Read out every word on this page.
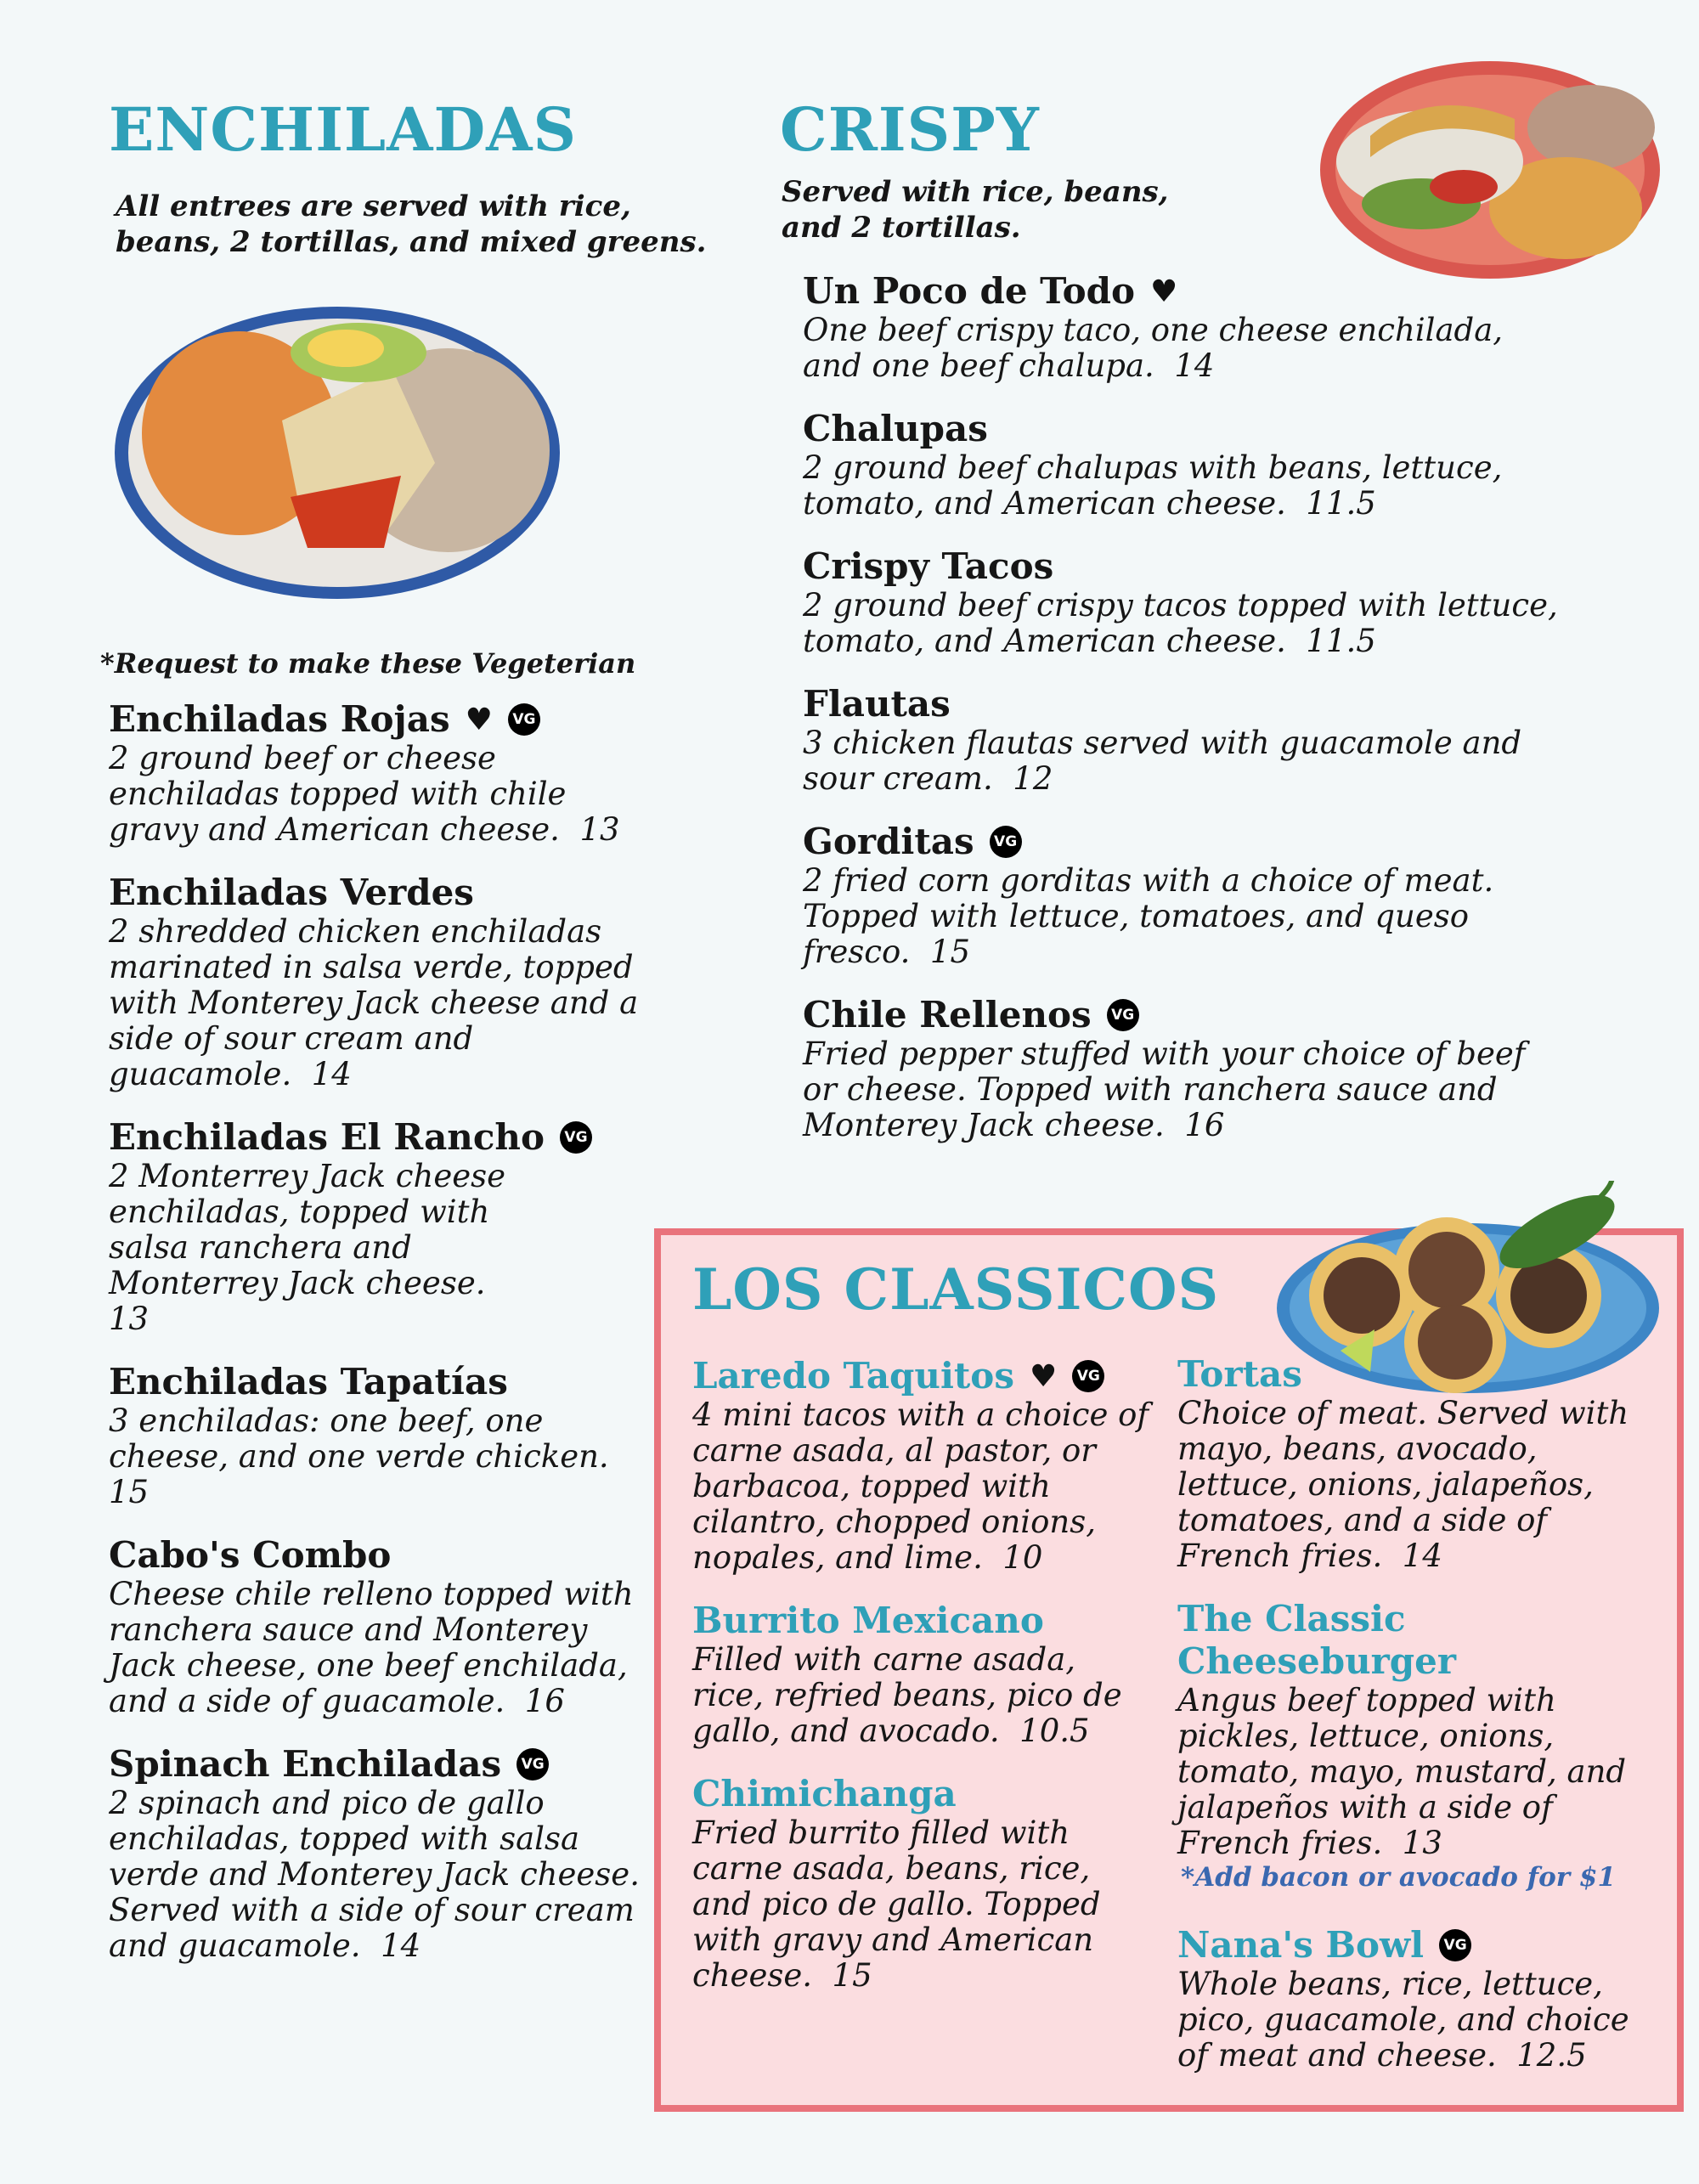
ENCHILADAS

All entrees are served with rice,

beans, 2 tortillas, and mixed greens.

*Request to make these Vegeterian
Enchiladas Rojas ♥	VG
2 ground beef or cheese enchiladas topped with chile gravy and American cheese. 13
Enchiladas Verdes
2 shredded chicken enchiladas marinated in salsa verde, topped with Monterey Jack cheese and a side of sour cream and guacamole. 14
Enchiladas El Rancho	VG
2 Monterrey Jack cheese enchiladas, topped with salsa ranchera and Monterrey Jack cheese.  13
Enchiladas Tapatías
3 enchiladas: one beef, one cheese, and one verde chicken.  15
Cabo's Combo
Cheese chile relleno topped with ranchera sauce and Monterey Jack cheese, one beef enchilada, and a side of guacamole. 16
Spinach Enchiladas	VG
2 spinach and pico de gallo enchiladas, topped with salsa verde and Monterey Jack cheese. Served with a side of sour cream and guacamole. 14
CRISPY

Served with rice, beans,

and 2 tortillas.

Un Poco de Todo ♥
One beef crispy taco, one cheese enchilada, and one beef chalupa. 14
Chalupas
2 ground beef chalupas with beans, lettuce, tomato, and American cheese. 11.5
Crispy Tacos
2 ground beef crispy tacos topped with lettuce, tomato, and American cheese. 11.5
Flautas
3 chicken flautas served with guacamole and sour cream. 12
Gorditas	VG
2 fried corn gorditas with a choice of meat. Topped with lettuce, tomatoes, and queso fresco. 15
Chile Rellenos	VG
Fried pepper stuffed with your choice of beef or cheese. Topped with ranchera sauce and Monterey Jack cheese. 16
LOS CLASSICOS
Laredo Taquitos ♥	VG
4 mini tacos with a choice of carne asada, al pastor, or barbacoa, topped with cilantro, chopped onions, nopales, and lime. 10
Burrito Mexicano
Filled with carne asada, rice, refried beans, pico de gallo, and avocado. 10.5
Chimichanga
Fried burrito filled with carne asada, beans, rice, and pico de gallo. Topped with gravy and American cheese. 15
Tortas
Choice of meat. Served with mayo, beans, avocado, lettuce, onions, jalapeños, tomatoes, and a side of French fries. 14
The Classic
Cheeseburger
Angus beef topped with pickles, lettuce, onions, tomato, mayo, mustard, and jalapeños with a side of French fries. 13
*Add bacon or avocado for $1
Nana's Bowl	VG
Whole beans, rice, lettuce, pico, guacamole, and choice of meat and cheese. 12.5
